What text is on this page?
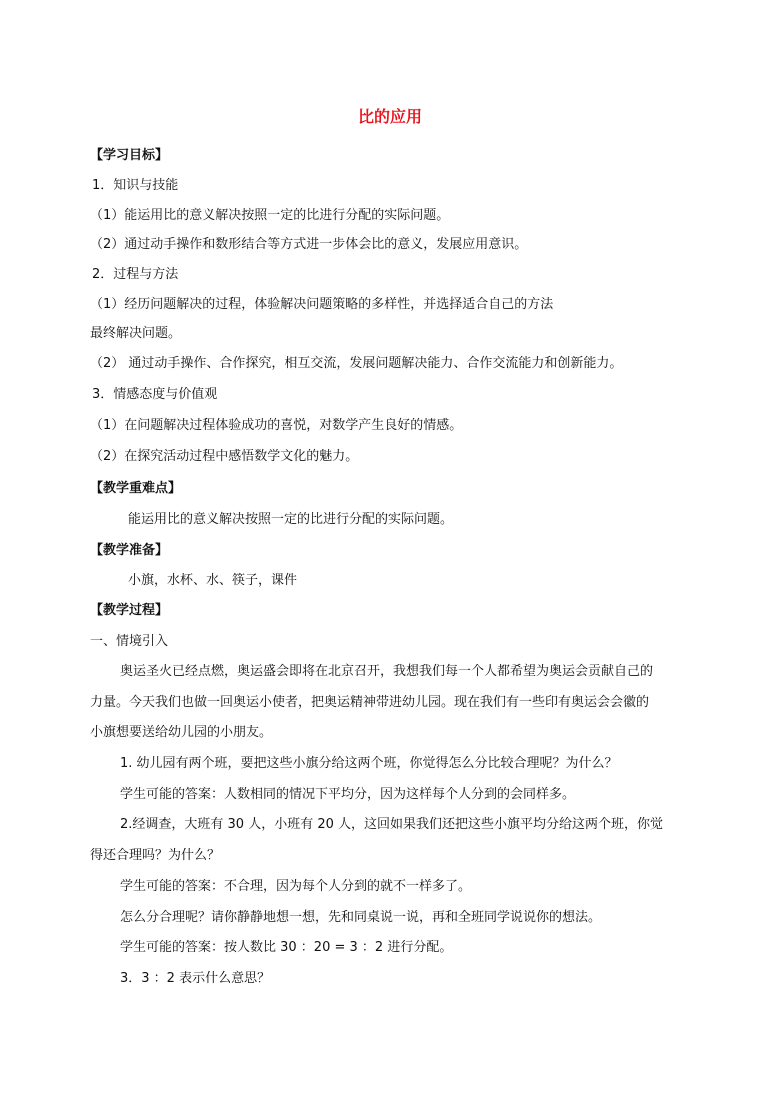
比的应用
【学习目标】
1．知识与技能
（1）能运用比的意义解决按照一定的比进行分配的实际问题。
（2）通过动手操作和数形结合等方式进一步体会比的意义，发展应用意识。
2．过程与方法
（1）经历问题解决的过程，体验解决问题策略的多样性，并选择适合自己的方法
最终解决问题。
（2） 通过动手操作、合作探究，相互交流，发展问题解决能力、合作交流能力和创新能力。
3．情感态度与价值观
（1）在问题解决过程体验成功的喜悦，对数学产生良好的情感。
（2）在探究活动过程中感悟数学文化的魅力。
【教学重难点】
能运用比的意义解决按照一定的比进行分配的实际问题。
【教学准备】
小旗，水杯、水、筷子，课件
【教学过程】
一、情境引入
奥运圣火已经点燃，奥运盛会即将在北京召开，我想我们每一个人都希望为奥运会贡献自己的
力量。今天我们也做一回奥运小使者，把奥运精神带进幼儿园。现在我们有一些印有奥运会会徽的
小旗想要送给幼儿园的小朋友。
1. 幼儿园有两个班，要把这些小旗分给这两个班，你觉得怎么分比较合理呢？为什么？
学生可能的答案：人数相同的情况下平均分，因为这样每个人分到的会同样多。
2.经调查，大班有 30 人，小班有 20 人，这回如果我们还把这些小旗平均分给这两个班，你觉
得还合理吗？为什么？
学生可能的答案：不合理，因为每个人分到的就不一样多了。
怎么分合理呢？请你静静地想一想，先和同桌说一说，再和全班同学说说你的想法。
学生可能的答案：按人数比 30 ：20 = 3 ：2 进行分配。
3．3 ：2 表示什么意思？
